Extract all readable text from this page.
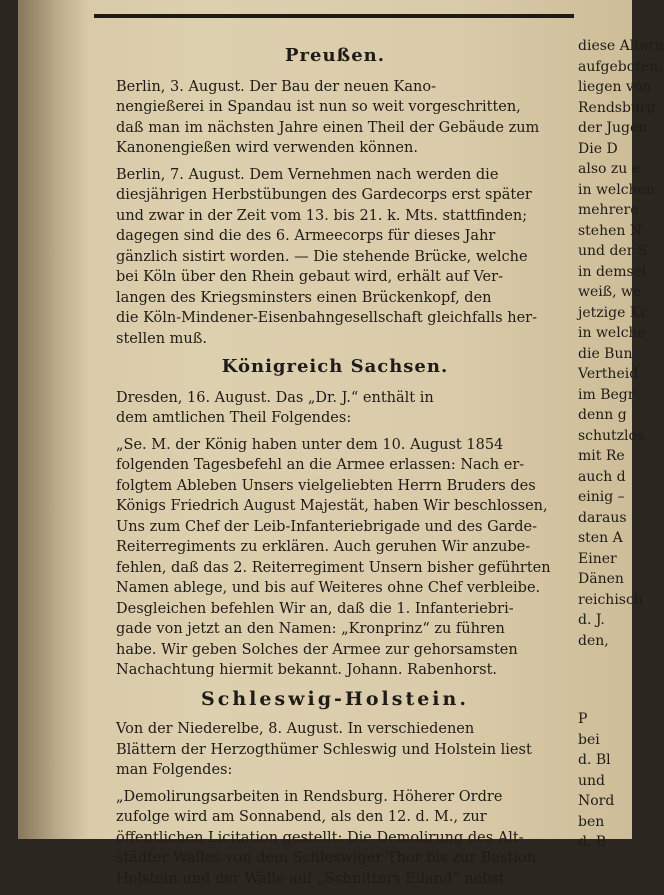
Preußen.

Berlin, 3. August. Der Bau der neuen Kano-
nengießerei in Spandau ist nun so weit vorgeschritten,
daß man im nächsten Jahre einen Theil der Gebäude zum
Kanonengießen wird verwenden können.

Berlin, 7. August. Dem Vernehmen nach werden die
diesjährigen Herbstübungen des Gardecorps erst später
und zwar in der Zeit vom 13. bis 21. k. Mts. stattfinden;
dagegen sind die des 6. Armeecorps für dieses Jahr
gänzlich sistirt worden. — Die stehende Brücke, welche
bei Köln über den Rhein gebaut wird, erhält auf Ver-
langen des Kriegsminsters einen Brückenkopf, den
die Köln-Mindener-Eisenbahngesellschaft gleichfalls her-
stellen muß.

Königreich Sachsen.

Dresden, 16. August. Das „Dr. J.“ enthält in
dem amtlichen Theil Folgendes:

„Se. M. der König haben unter dem 10. August 1854
folgenden Tagesbefehl an die Armee erlassen: Nach er-
folgtem Ableben Unsers vielgeliebten Herrn Bruders des
Königs Friedrich August Majestät, haben Wir beschlossen,
Uns zum Chef der Leib-Infanteriebrigade und des Garde-
Reiterregiments zu erklären. Auch geruhen Wir anzube-
fehlen, daß das 2. Reiterregiment Unsern bisher geführten
Namen ablege, und bis auf Weiteres ohne Chef verbleibe.
Desgleichen befehlen Wir an, daß die 1. Infanteriebri-
gade von jetzt an den Namen: „Kronprinz“ zu führen
habe. Wir geben Solches der Armee zur gehorsamsten
Nachachtung hiermit bekannt. Johann. Rabenhorst.

Schleswig-Holstein.

Von der Niederelbe, 8. August. In verschiedenen
Blättern der Herzogthümer Schleswig und Holstein liest
man Folgendes:

„Demolirungsarbeiten in Rendsburg. Höherer Ordre
zufolge wird am Sonnabend, als den 12. d. M., zur
öffentlichen Licitation gestellt: Die Demolirung des Alt-
städter Walles von dem Schleswiger Thor bis zur Bastion
Holstein und der Wälle auf „Schnitters Eiland“ nebst

diese Altern
aufgeboten.
liegen von
Rendsburg
der Jugen
Die D
also zu e
in welchen
mehrere
stehen N
und der S
in demsel
weiß, we
jetzige Kr
in welche
die Bun
Vertheid
im Begr
denn g
schutzlos
mit Re
auch d
einig –
daraus
sten A
Einer
Dänen
reichisch
d. J.
den,
P
bei
d. Bl
und
Nord
ben
d. B
